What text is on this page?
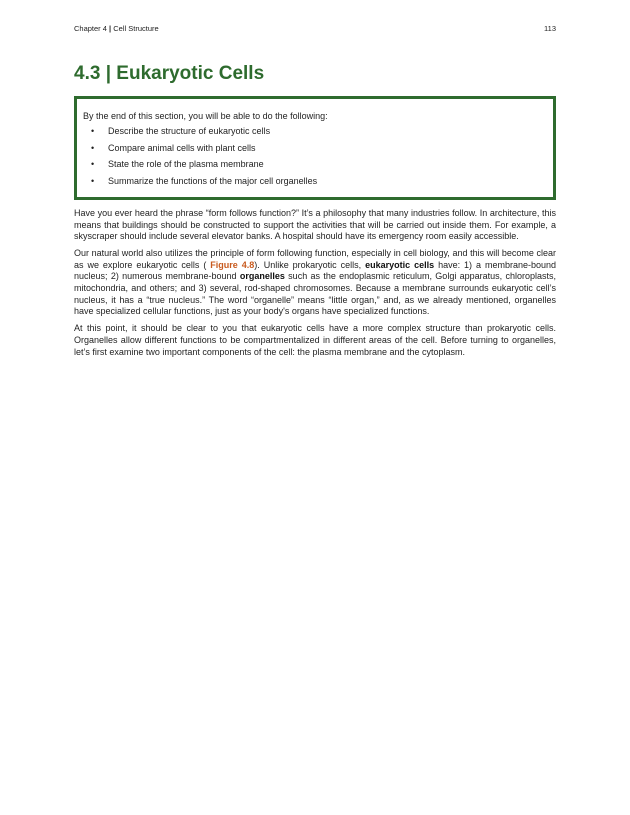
Chapter 4 | Cell Structure	113
4.3 | Eukaryotic Cells
By the end of this section, you will be able to do the following:
•	Describe the structure of eukaryotic cells
•	Compare animal cells with plant cells
•	State the role of the plasma membrane
•	Summarize the functions of the major cell organelles

Have you ever heard the phrase “form follows function?” It’s a philosophy that many industries follow. In architecture, this means that buildings should be constructed to support the activities that will be carried out inside them. For example, a skyscraper should include several elevator banks. A hospital should have its emergency room easily accessible.

Our natural world also utilizes the principle of form following function, especially in cell biology, and this will become clear as we explore eukaryotic cells ( Figure 4.8). Unlike prokaryotic cells, eukaryotic cells have: 1) a membrane-bound nucleus; 2) numerous membrane-bound organelles such as the endoplasmic reticulum, Golgi apparatus, chloroplasts, mitochondria, and others; and 3) several, rod-shaped chromosomes. Because a membrane surrounds eukaryotic cell’s nucleus, it has a “true nucleus.” The word “organelle” means “little organ,” and, as we already mentioned, organelles have specialized cellular functions, just as your body's organs have specialized functions.

At this point, it should be clear to you that eukaryotic cells have a more complex structure than prokaryotic cells. Organelles allow different functions to be compartmentalized in different areas of the cell. Before turning to organelles, let’s first examine two important components of the cell: the plasma membrane and the cytoplasm.
